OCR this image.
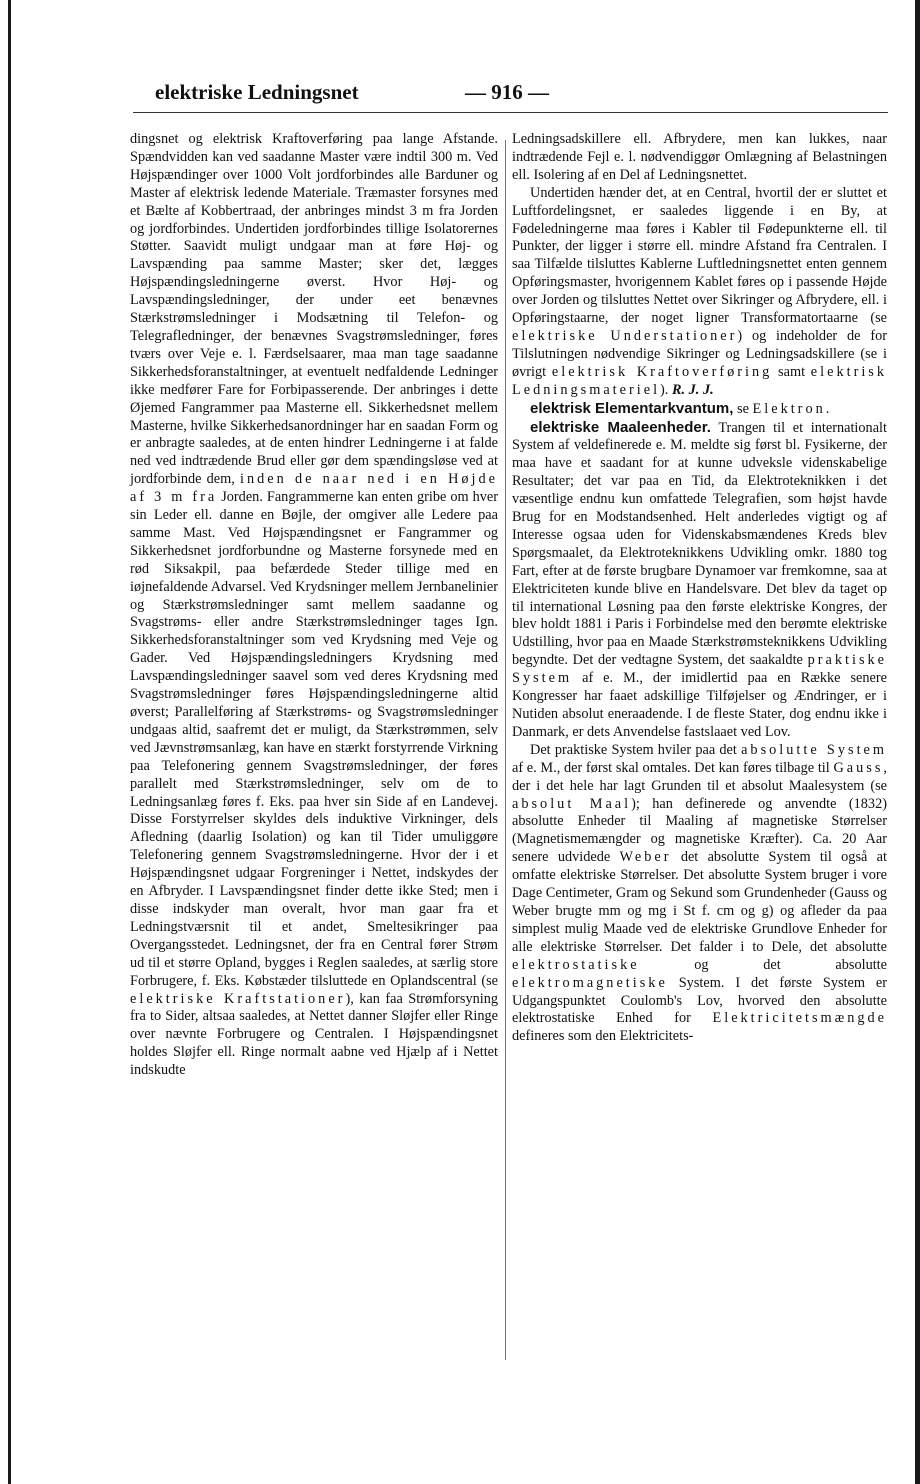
elektriske Ledningsnet	— 916 —

dingsnet og elektrisk Kraftoverføring paa lange Afstande. Spændvidden kan ved saadanne Master være indtil 300 m. Ved Højspændinger over 1000 Volt jordforbindes alle Barduner og Master af elektrisk ledende Materiale. Træmaster forsynes med et Bælte af Kobbertraad, der anbringes mindst 3 m fra Jorden og jordforbindes. Undertiden jordforbindes tillige Isolatorernes Støtter. Saavidt muligt undgaar man at føre Høj- og Lavspænding paa samme Master; sker det, lægges Højspændingsledningerne øverst. Hvor Høj- og Lavspændingsledninger, der under eet benævnes Stærkstrømsledninger i Modsætning til Telefon- og Telegrafledninger, der benævnes Svagstrømsledninger, føres tværs over Veje e. l. Færdselsaarer, maa man tage saadanne Sikkerhedsforanstaltninger, at eventuelt nedfaldende Ledninger ikke medfører Fare for Forbipasserende. Der anbringes i dette Øjemed Fangrammer paa Masterne ell. Sikkerhedsnet mellem Masterne, hvilke Sikkerhedsanordninger har en saadan Form og er anbragte saaledes, at de enten hindrer Ledningerne i at falde ned ved indtrædende Brud eller gør dem spændingsløse ved at jordforbinde dem, inden de naar ned i en Højde af 3 m fra Jorden. Fangrammerne kan enten gribe om hver sin Leder ell. danne en Bøjle, der omgiver alle Ledere paa samme Mast. Ved Højspændingsnet er Fangrammer og Sikkerhedsnet jordforbundne og Masterne forsynede med en rød Siksakpil, paa befærdede Steder tillige med en iøjnefaldende Advarsel. Ved Krydsninger mellem Jernbanelinier og Stærkstrømsledninger samt mellem saadanne og Svagstrøms- eller andre Stærkstrømsledninger tages Ign. Sikkerhedsforanstaltninger som ved Krydsning med Veje og Gader. Ved Højspændingsledningers Krydsning med Lavspændingsledninger saavel som ved deres Krydsning med Svagstrømsledninger føres Højspændingsledningerne altid øverst; Parallelføring af Stærkstrøms- og Svagstrømsledninger undgaas altid, saafremt det er muligt, da Stærkstrømmen, selv ved Jævnstrømsanlæg, kan have en stærkt forstyrrende Virkning paa Telefonering gennem Svagstrømsledninger, der føres parallelt med Stærkstrømsledninger, selv om de to Ledningsanlæg føres f. Eks. paa hver sin Side af en Landevej. Disse Forstyrrelser skyldes dels induktive Virkninger, dels Afledning (daarlig Isolation) og kan til Tider umuliggøre Telefonering gennem Svagstrømsledningerne. Hvor der i et Højspændingsnet udgaar Forgreninger i Nettet, indskydes der en Afbryder. I Lavspændingsnet finder dette ikke Sted; men i disse indskyder man overalt, hvor man gaar fra et Ledningstværsnit til et andet, Smeltesikringer paa Overgangsstedet. Ledningsnet, der fra en Central fører Strøm ud til et større Opland, bygges i Reglen saaledes, at særlig store Forbrugere, f. Eks. Købstæder tilsluttede en Oplandscentral (se elektriske Kraftstationer), kan faa Strømforsyning fra to Sider, altsaa saaledes, at Nettet danner Sløjfer eller Ringe over nævnte Forbrugere og Centralen. I Højspændingsnet holdes Sløjfer ell. Ringe normalt aabne ved Hjælp af i Nettet indskudte

Ledningsadskillere ell. Afbrydere, men kan lukkes, naar indtrædende Fejl e. l. nødvendiggør Omlægning af Belastningen ell. Isolering af en Del af Ledningsnettet.

Undertiden hænder det, at en Central, hvortil der er sluttet et Luftfordelingsnet, er saaledes liggende i en By, at Fødeledningerne maa føres i Kabler til Fødepunkterne ell. til Punkter, der ligger i større ell. mindre Afstand fra Centralen. I saa Tilfælde tilsluttes Kablerne Luftledningsnettet enten gennem Opføringsmaster, hvorigennem Kablet føres op i passende Højde over Jorden og tilsluttes Nettet over Sikringer og Afbrydere, ell. i Opføringstaarne, der noget ligner Transformatortaarne (se elektriske Understationer) og indeholder de for Tilslutningen nødvendige Sikringer og Ledningsadskillere (se i øvrigt elektrisk Kraftoverføring samt elektrisk Ledningsmateriel). R. J. J.

elektrisk Elementarkvantum, se Elektron.

elektriske Maaleenheder. Trangen til et internationalt System af veldefinerede e. M. meldte sig først bl. Fysikerne, der maa have et saadant for at kunne udveksle videnskabelige Resultater; det var paa en Tid, da Elektroteknikken i det væsentlige endnu kun omfattede Telegrafien, som højst havde Brug for en Modstandsenhed. Helt anderledes vigtigt og af Interesse ogsaa uden for Videnskabsmændenes Kreds blev Spørgsmaalet, da Elektroteknikkens Udvikling omkr. 1880 tog Fart, efter at de første brugbare Dynamoer var fremkomne, saa at Elektriciteten kunde blive en Handelsvare. Det blev da taget op til international Løsning paa den første elektriske Kongres, der blev holdt 1881 i Paris i Forbindelse med den berømte elektriske Udstilling, hvor paa en Maade Stærkstrømsteknikkens Udvikling begyndte. Det der vedtagne System, det saakaldte praktiske System af e. M., der imidlertid paa en Række senere Kongresser har faaet adskillige Tilføjelser og Ændringer, er i Nutiden absolut eneraadende. I de fleste Stater, dog endnu ikke i Danmark, er dets Anvendelse fastslaaet ved Lov.

Det praktiske System hviler paa det absolutte System af e. M., der først skal omtales. Det kan føres tilbage til Gauss, der i det hele har lagt Grunden til et absolut Maalesystem (se absolut Maal); han definerede og anvendte (1832) absolutte Enheder til Maaling af magnetiske Størrelser (Magnetismemængder og magnetiske Kræfter). Ca. 20 Aar senere udvidede Weber det absolutte System til også at omfatte elektriske Størrelser. Det absolutte System bruger i vore Dage Centimeter, Gram og Sekund som Grundenheder (Gauss og Weber brugte mm og mg i St f. cm og g) og afleder da paa simplest mulig Maade ved de elektriske Grundlove Enheder for alle elektriske Størrelser. Det falder i to Dele, det absolutte elektrostatiske	og det absolutte elektromagnetiske System. I det første System er Udgangspunktet Coulomb's Lov, hvorved den absolutte elektrostatiske Enhed for Elektricitetsmængde defineres som den Elektricitets-
